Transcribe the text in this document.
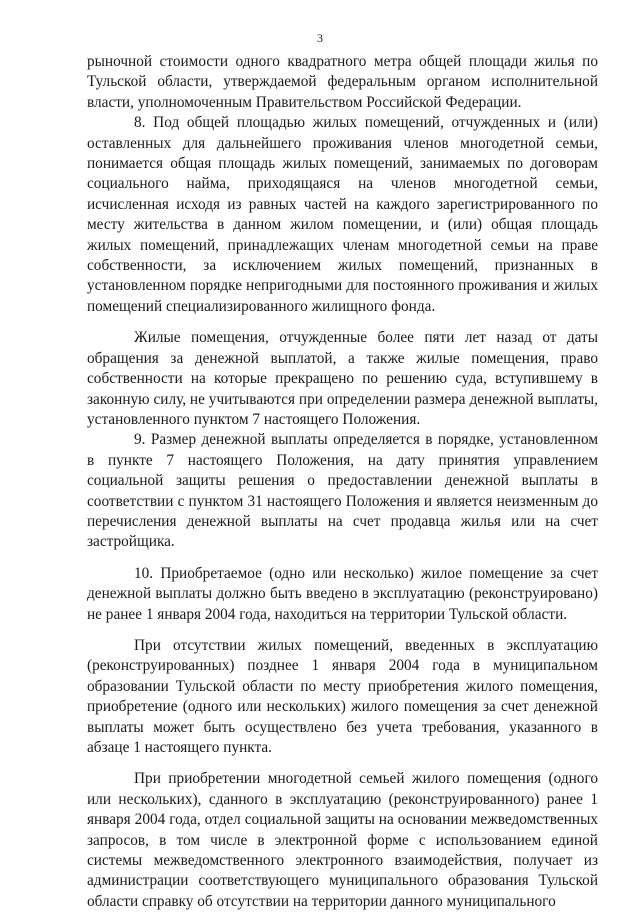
3

рыночной стоимости одного квадратного метра общей площади жилья по Тульской области, утверждаемой федеральным органом исполнительной власти, уполномоченным Правительством Российской Федерации.

8. Под общей площадью жилых помещений, отчужденных и (или) оставленных для дальнейшего проживания членов многодетной семьи, понимается общая площадь жилых помещений, занимаемых по договорам социального найма, приходящаяся на членов многодетной семьи, исчисленная исходя из равных частей на каждого зарегистрированного по месту жительства в данном жилом помещении, и (или) общая площадь жилых помещений, принадлежащих членам многодетной семьи на праве собственности, за исключением жилых помещений, признанных в установленном порядке непригодными для постоянного проживания и жилых помещений специализированного жилищного фонда.

Жилые помещения, отчужденные более пяти лет назад от даты обращения за денежной выплатой, а также жилые помещения, право собственности на которые прекращено по решению суда, вступившему в законную силу, не учитываются при определении размера денежной выплаты, установленного пунктом 7 настоящего Положения.

9. Размер денежной выплаты определяется в порядке, установленном в пункте 7 настоящего Положения, на дату принятия управлением социальной защиты решения о предоставлении денежной выплаты в соответствии с пунктом 31 настоящего Положения и является неизменным до перечисления денежной выплаты на счет продавца жилья или на счет застройщика.

10. Приобретаемое (одно или несколько) жилое помещение за счет денежной выплаты должно быть введено в эксплуатацию (реконструировано) не ранее 1 января 2004 года, находиться на территории Тульской области.

При отсутствии жилых помещений, введенных в эксплуатацию (реконструированных) позднее 1 января 2004 года в муниципальном образовании Тульской области по месту приобретения жилого помещения, приобретение (одного или нескольких) жилого помещения за счет денежной выплаты может быть осуществлено без учета требования, указанного в абзаце 1 настоящего пункта.

При приобретении многодетной семьей жилого помещения (одного или нескольких), сданного в эксплуатацию (реконструированного) ранее 1 января 2004 года, отдел социальной защиты на основании межведомственных запросов, в том числе в электронной форме с использованием единой системы межведомственного электронного взаимодействия, получает из администрации соответствующего муниципального образования Тульской области справку об отсутствии на территории данного муниципального
